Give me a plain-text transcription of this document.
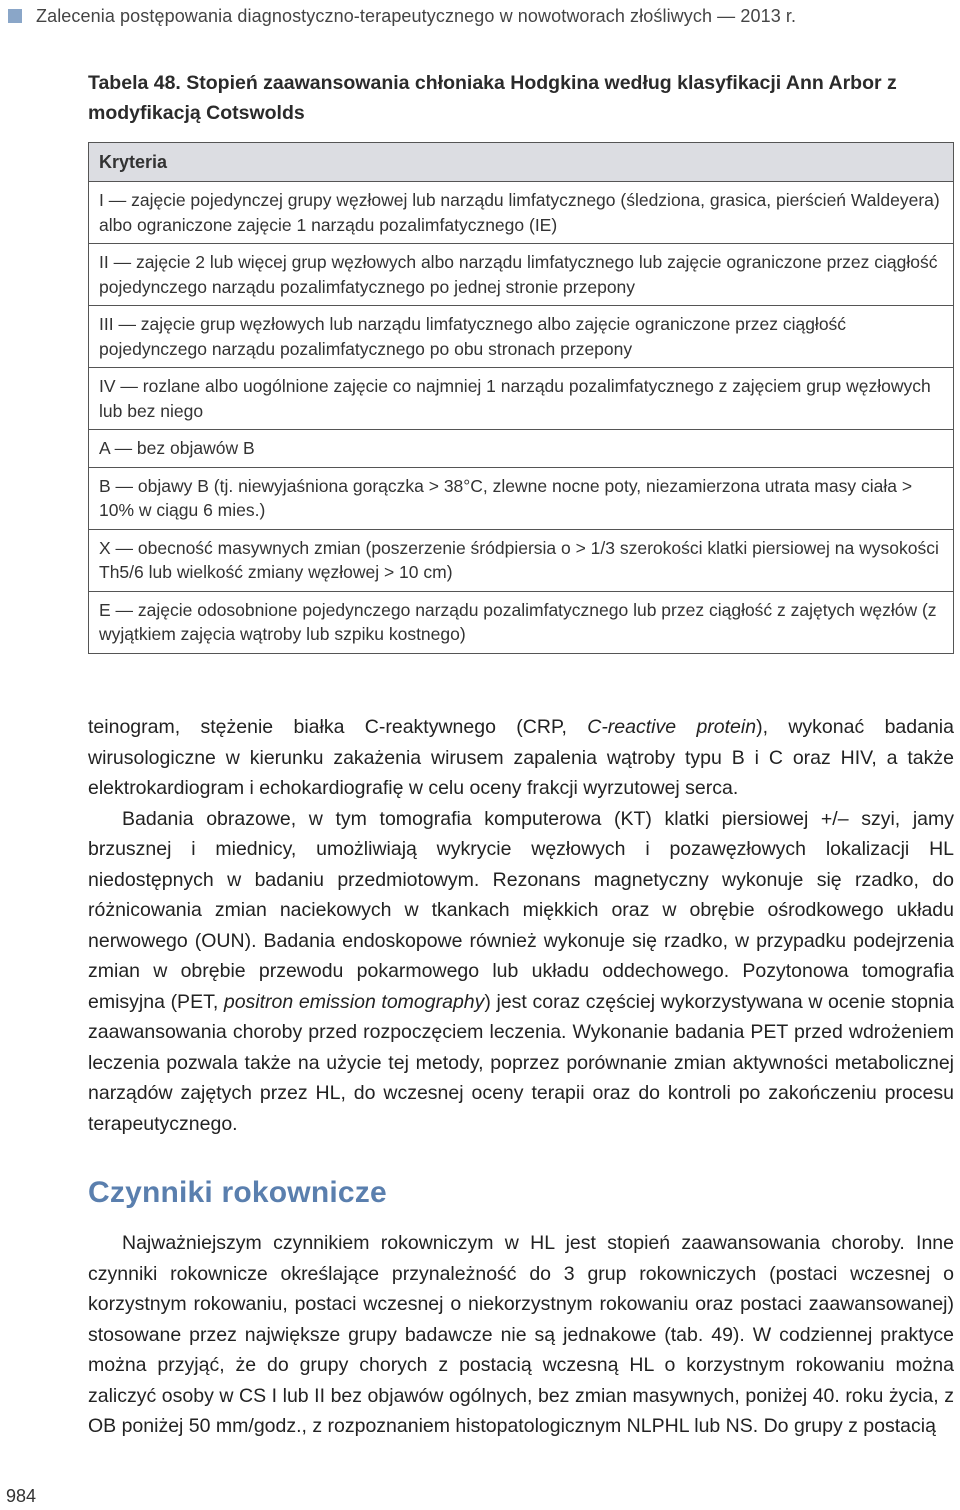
Zalecenia postępowania diagnostyczno-terapeutycznego w nowotworach złośliwych — 2013 r.
Tabela 48. Stopień zaawansowania chłoniaka Hodgkina według klasyfikacji Ann Arbor z modyfikacją Cotswolds
Kryteria
I — zajęcie pojedynczej grupy węzłowej lub narządu limfatycznego (śledziona, grasica, pierścień Waldeyera) albo ograniczone zajęcie 1 narządu pozalimfatycznego (IE)
II — zajęcie 2 lub więcej grup węzłowych albo narządu limfatycznego lub zajęcie ograniczone przez ciągłość pojedynczego narządu pozalimfatycznego po jednej stronie przepony
III — zajęcie grup węzłowych lub narządu limfatycznego albo zajęcie ograniczone przez ciągłość pojedynczego narządu pozalimfatycznego po obu stronach przepony
IV — rozlane albo uogólnione zajęcie co najmniej 1 narządu pozalimfatycznego z zajęciem grup węzłowych lub bez niego
A — bez objawów B
B — objawy B (tj. niewyjaśniona gorączka > 38°C, zlewne nocne poty, niezamierzona utrata masy ciała > 10% w ciągu 6 mies.)
X — obecność masywnych zmian (poszerzenie śródpiersia o > 1/3 szerokości klatki piersiowej na wysokości Th5/6 lub wielkość zmiany węzłowej > 10 cm)
E — zajęcie odosobnione pojedynczego narządu pozalimfatycznego lub przez ciągłość z zajętych węzłów (z wyjątkiem zajęcia wątroby lub szpiku kostnego)

teinogram, stężenie białka C-reaktywnego (CRP, C-reactive protein), wykonać badania wirusologiczne w kierunku zakażenia wirusem zapalenia wątroby typu B i C oraz HIV, a także elektrokardiogram i echokardiografię w celu oceny frakcji wyrzutowej serca.

Badania obrazowe, w tym tomografia komputerowa (KT) klatki piersiowej +/– szyi, jamy brzusznej i miednicy, umożliwiają wykrycie węzłowych i pozawęzłowych lokalizacji HL niedostępnych w badaniu przedmiotowym. Rezonans magnetyczny wykonuje się rzadko, do różnicowania zmian naciekowych w tkankach miękkich oraz w obrębie ośrodkowego układu nerwowego (OUN). Badania endoskopowe również wykonuje się rzadko, w przypadku podejrzenia zmian w obrębie przewodu pokarmowego lub układu oddechowego. Pozytonowa tomografia emisyjna (PET, positron emission tomography) jest coraz częściej wykorzystywana w ocenie stopnia zaawansowania choroby przed rozpoczęciem leczenia. Wykonanie badania PET przed wdrożeniem leczenia pozwala także na użycie tej metody, poprzez porównanie zmian aktywności metabolicznej narządów zajętych przez HL, do wczesnej oceny terapii oraz do kontroli po zakończeniu procesu terapeutycznego.

Czynniki rokownicze

Najważniejszym czynnikiem rokowniczym w HL jest stopień zaawansowania choroby. Inne czynniki rokownicze określające przynależność do 3 grup rokowniczych (postaci wczesnej o korzystnym rokowaniu, postaci wczesnej o niekorzystnym rokowaniu oraz postaci zaawansowanej) stosowane przez największe grupy badawcze nie są jednakowe (tab. 49). W codziennej praktyce można przyjąć, że do grupy chorych z postacią wczesną HL o korzystnym rokowaniu można zaliczyć osoby w CS I lub II bez objawów ogólnych, bez zmian masywnych, poniżej 40. roku życia, z OB poniżej 50 mm/godz., z rozpoznaniem histopatologicznym NLPHL lub NS. Do grupy z postacią

984
